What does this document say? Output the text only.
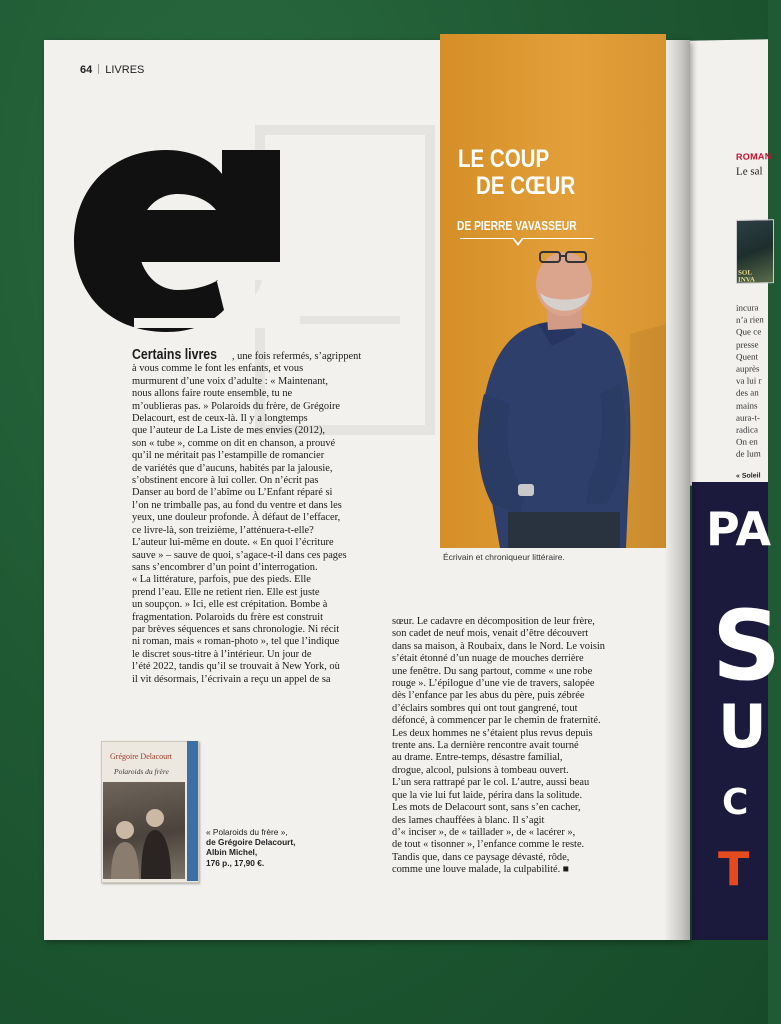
ROMAN
Le sal
SOL
INVA
incura
n’a rien
Que ce
presse
Quent
auprès
va lui r
des an
mains
aura-t-
radica
On en
de lum
« Soleil
PA
S
U
C
T

64 LIVRES
LE COUP
DE CŒUR
DE PIERRE VAVASSEUR
Écrivain et chroniqueur littéraire.
Certains livres , une fois refermés, s’agrippent
à vous comme le font les enfants, et vous
murmurent d’une voix d’adulte : « Maintenant,
nous allons faire route ensemble, tu ne
m’oublieras pas. » Polaroids du frère, de Grégoire
Delacourt, est de ceux-là. Il y a longtemps
que l’auteur de La Liste de mes envies (2012),
son « tube », comme on dit en chanson, a prouvé
qu’il ne méritait pas l’estampille de romancier
de variétés que d’aucuns, habités par la jalousie,
s’obstinent encore à lui coller. On n’écrit pas
Danser au bord de l’abîme ou L’Enfant réparé si
l’on ne trimballe pas, au fond du ventre et dans les
yeux, une douleur profonde. À défaut de l’effacer,
ce livre-là, son treizième, l’atténuera-t-elle?
L’auteur lui-même en doute. « En quoi l’écriture
sauve » – sauve de quoi, s’agace-t-il dans ces pages
sans s’encombrer d’un point d’interrogation.
« La littérature, parfois, pue des pieds. Elle
prend l’eau. Elle ne retient rien. Elle est juste
un soupçon. » Ici, elle est crépitation. Bombe à
fragmentation. Polaroids du frère est construit
par brèves séquences et sans chronologie. Ni récit
ni roman, mais « roman-photo », tel que l’indique
le discret sous-titre à l’intérieur. Un jour de
l’été 2022, tandis qu’il se trouvait à New York, où
il vit désormais, l’écrivain a reçu un appel de sa
sœur. Le cadavre en décomposition de leur frère,
son cadet de neuf mois, venait d’être découvert
dans sa maison, à Roubaix, dans le Nord. Le voisin
s’était étonné d’un nuage de mouches derrière
une fenêtre. Du sang partout, comme « une robe
rouge ». L’épilogue d’une vie de travers, salopée
dès l’enfance par les abus du père, puis zébrée
d’éclairs sombres qui ont tout gangrené, tout
défoncé, à commencer par le chemin de fraternité.
Les deux hommes ne s’étaient plus revus depuis
trente ans. La dernière rencontre avait tourné
au drame. Entre-temps, désastre familial,
drogue, alcool, pulsions à tombeau ouvert.
L’un sera rattrapé par le col. L’autre, aussi beau
que la vie lui fut laide, périra dans la solitude.
Les mots de Delacourt sont, sans s’en cacher,
des lames chauffées à blanc. Il s’agit
d’« inciser », de « taillader », de « lacérer »,
de tout « tisonner », l’enfance comme le reste.
Tandis que, dans ce paysage dévasté, rôde,
comme une louve malade, la culpabilité. ■
Grégoire Delacourt
Polaroids du frère
« Polaroids du frère »,
de Grégoire Delacourt,
Albin Michel,
176 p., 17,90 €.
